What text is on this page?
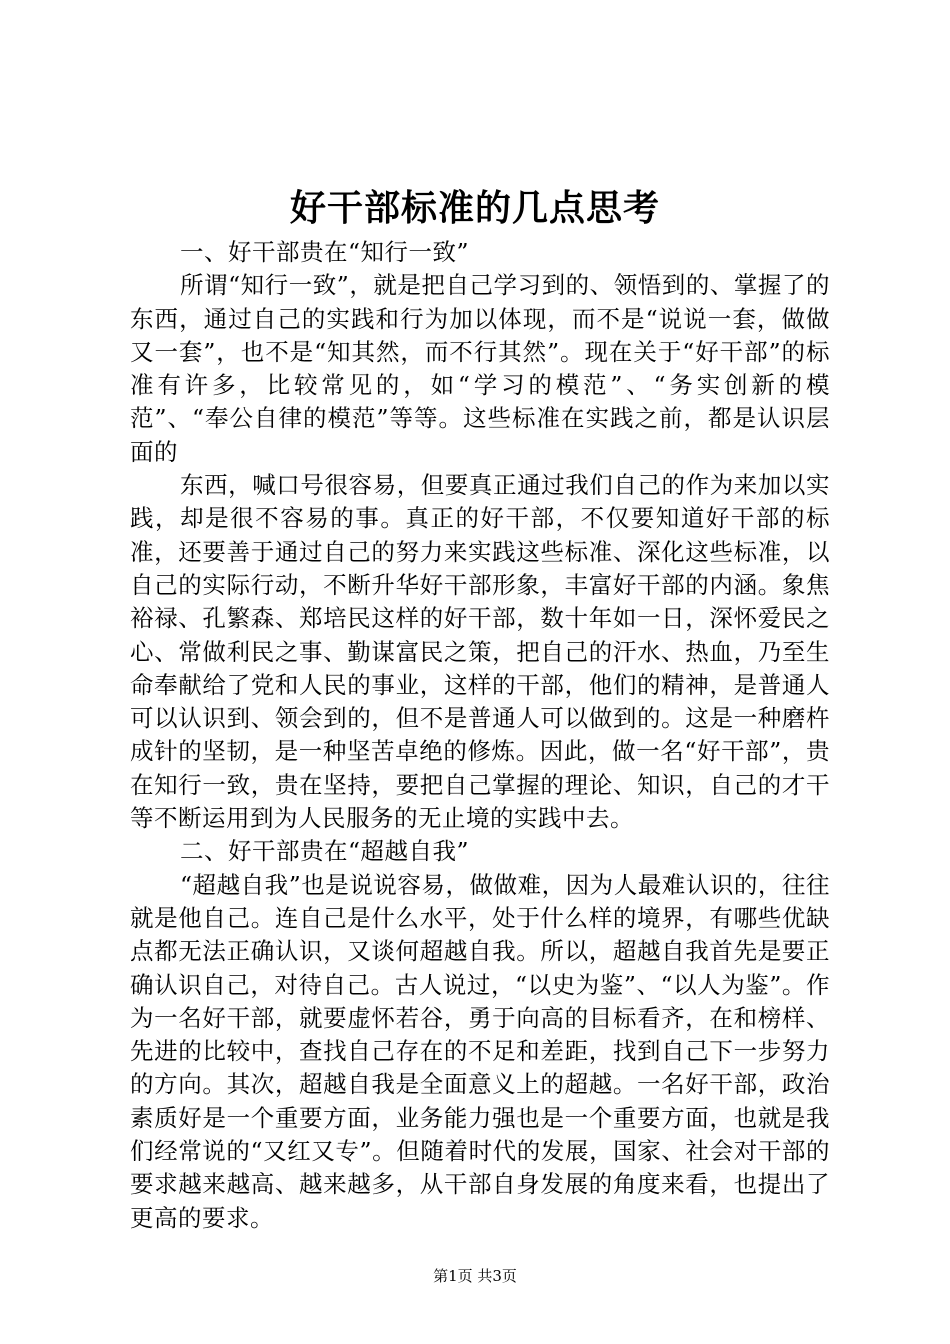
好干部标准的几点思考

一、好干部贵在“知行一致”

所谓“知行一致”，就是把自己学习到的、领悟到的、掌握了的东西，通过自己的实践和行为加以体现，而不是“说说一套，做做又一套”，也不是“知其然，而不行其然”。现在关于“好干部”的标准有许多，比较常见的，如“学习的模范”、“务实创新的模范”、“奉公自律的模范”等等。这些标准在实践之前，都是认识层面的

东西，喊口号很容易，但要真正通过我们自己的作为来加以实践，却是很不容易的事。真正的好干部，不仅要知道好干部的标准，还要善于通过自己的努力来实践这些标准、深化这些标准，以自己的实际行动，不断升华好干部形象，丰富好干部的内涵。象焦裕禄、孔繁森、郑培民这样的好干部，数十年如一日，深怀爱民之心、常做利民之事、勤谋富民之策，把自己的汗水、热血，乃至生命奉献给了党和人民的事业，这样的干部，他们的精神，是普通人可以认识到、领会到的，但不是普通人可以做到的。这是一种磨杵成针的坚韧，是一种坚苦卓绝的修炼。因此，做一名“好干部”，贵在知行一致，贵在坚持，要把自己掌握的理论、知识，自己的才干等不断运用到为人民服务的无止境的实践中去。

二、好干部贵在“超越自我”

“超越自我”也是说说容易，做做难，因为人最难认识的，往往就是他自己。连自己是什么水平，处于什么样的境界，有哪些优缺点都无法正确认识，又谈何超越自我。所以，超越自我首先是要正确认识自己，对待自己。古人说过，“以史为鉴”、“以人为鉴”。作为一名好干部，就要虚怀若谷，勇于向高的目标看齐，在和榜样、先进的比较中，查找自己存在的不足和差距，找到自己下一步努力的方向。其次，超越自我是全面意义上的超越。一名好干部，政治素质好是一个重要方面，业务能力强也是一个重要方面，也就是我们经常说的“又红又专”。但随着时代的发展，国家、社会对干部的要求越来越高、越来越多，从干部自身发展的角度来看，也提出了更高的要求。

第1页 共3页
